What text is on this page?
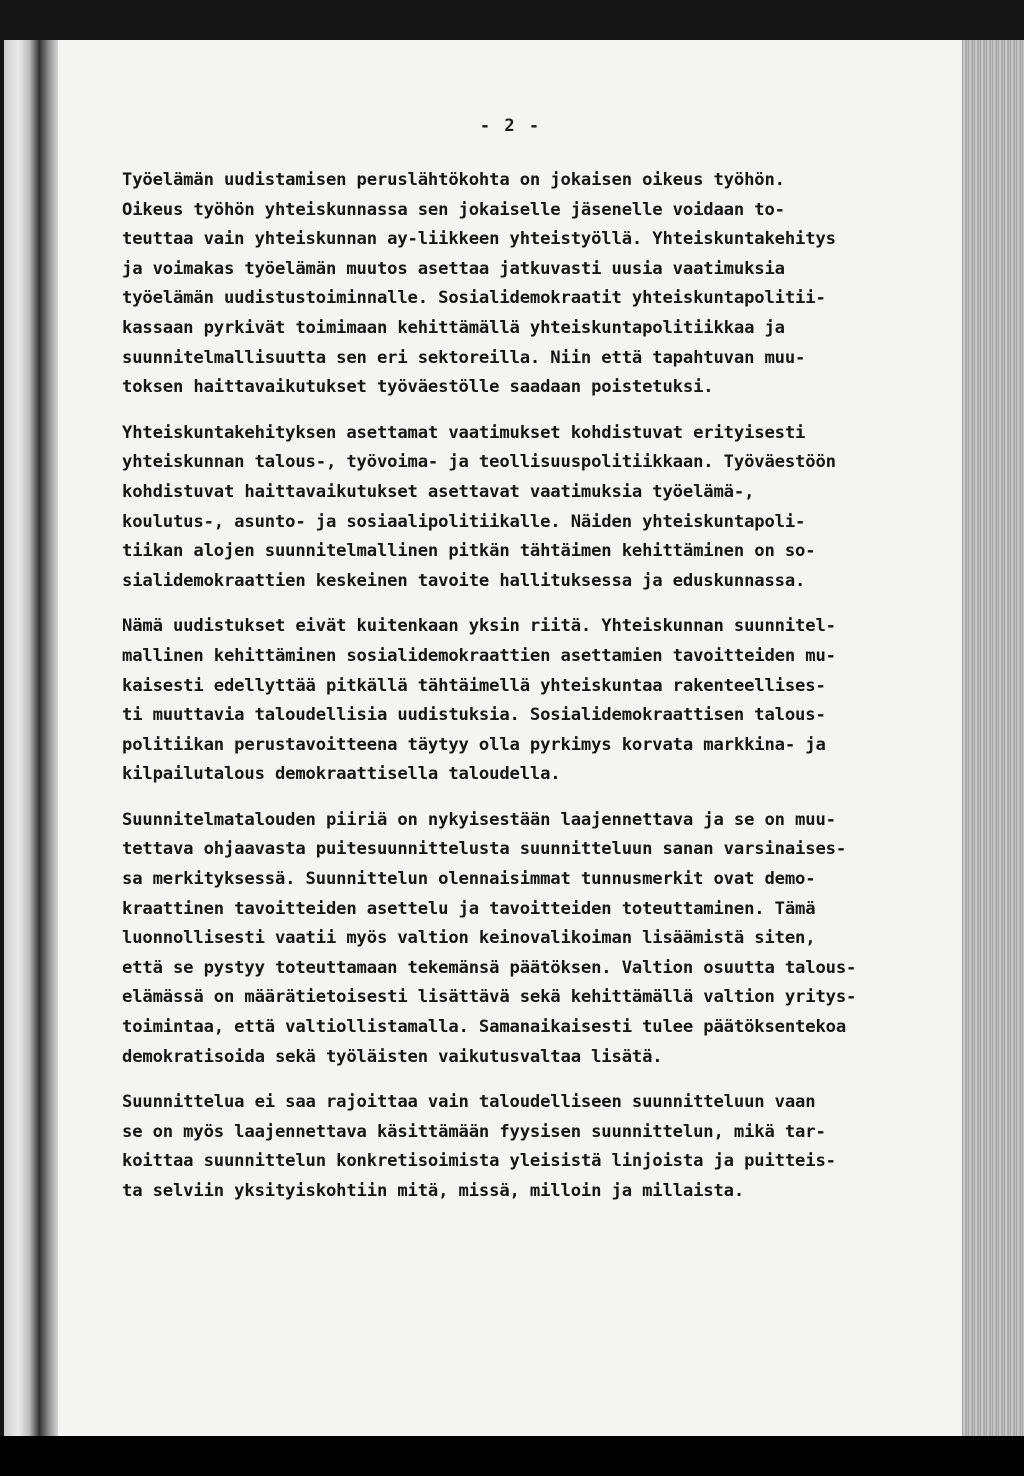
- 2 -
Työelämän uudistamisen peruslähtökohta on jokaisen oikeus työhön.
Oikeus työhön yhteiskunnassa sen jokaiselle jäsenelle voidaan to-
teuttaa vain yhteiskunnan ay-liikkeen yhteistyöllä. Yhteiskuntakehitys
ja voimakas työelämän muutos asettaa jatkuvasti uusia vaatimuksia
työelämän uudistustoiminnalle. Sosialidemokraatit yhteiskuntapolitii-
kassaan pyrkivät toimimaan kehittämällä yhteiskuntapolitiikkaa ja
suunnitelmallisuutta sen eri sektoreilla. Niin että tapahtuvan muu-
toksen haittavaikutukset työväestölle saadaan poistetuksi.
Yhteiskuntakehityksen asettamat vaatimukset kohdistuvat erityisesti
yhteiskunnan talous-, työvoima- ja teollisuuspolitiikkaan. Työväestöön
kohdistuvat haittavaikutukset asettavat vaatimuksia työelämä-,
koulutus-, asunto- ja sosiaalipolitiikalle. Näiden yhteiskuntapoli-
tiikan alojen suunnitelmallinen pitkän tähtäimen kehittäminen on so-
sialidemokraattien keskeinen tavoite hallituksessa ja eduskunnassa.
Nämä uudistukset eivät kuitenkaan yksin riitä. Yhteiskunnan suunnitel-
mallinen kehittäminen sosialidemokraattien asettamien tavoitteiden mu-
kaisesti edellyttää pitkällä tähtäimellä yhteiskuntaa rakenteellises-
ti muuttavia taloudellisia uudistuksia. Sosialidemokraattisen talous-
politiikan perustavoitteena täytyy olla pyrkimys korvata markkina- ja
kilpailutalous demokraattisella taloudella.
Suunnitelmatalouden piiriä on nykyisestään laajennettava ja se on muu-
tettava ohjaavasta puitesuunnittelusta suunnitteluun sanan varsinaises-
sa merkityksessä. Suunnittelun olennaisimmat tunnusmerkit ovat demo-
kraattinen tavoitteiden asettelu ja tavoitteiden toteuttaminen. Tämä
luonnollisesti vaatii myös valtion keinovalikoiman lisäämistä siten,
että se pystyy toteuttamaan tekemänsä päätöksen. Valtion osuutta talous-
elämässä on määrätietoisesti lisättävä sekä kehittämällä valtion yritys-
toimintaa, että valtiollistamalla. Samanaikaisesti tulee päätöksentekoa
demokratisoida sekä työläisten vaikutusvaltaa lisätä.
Suunnittelua ei saa rajoittaa vain taloudelliseen suunnitteluun vaan
se on myös laajennettava käsittämään fyysisen suunnittelun, mikä tar-
koittaa suunnittelun konkretisoimista yleisistä linjoista ja puitteis-
ta selviin yksityiskohtiin mitä, missä, milloin ja millaista.
